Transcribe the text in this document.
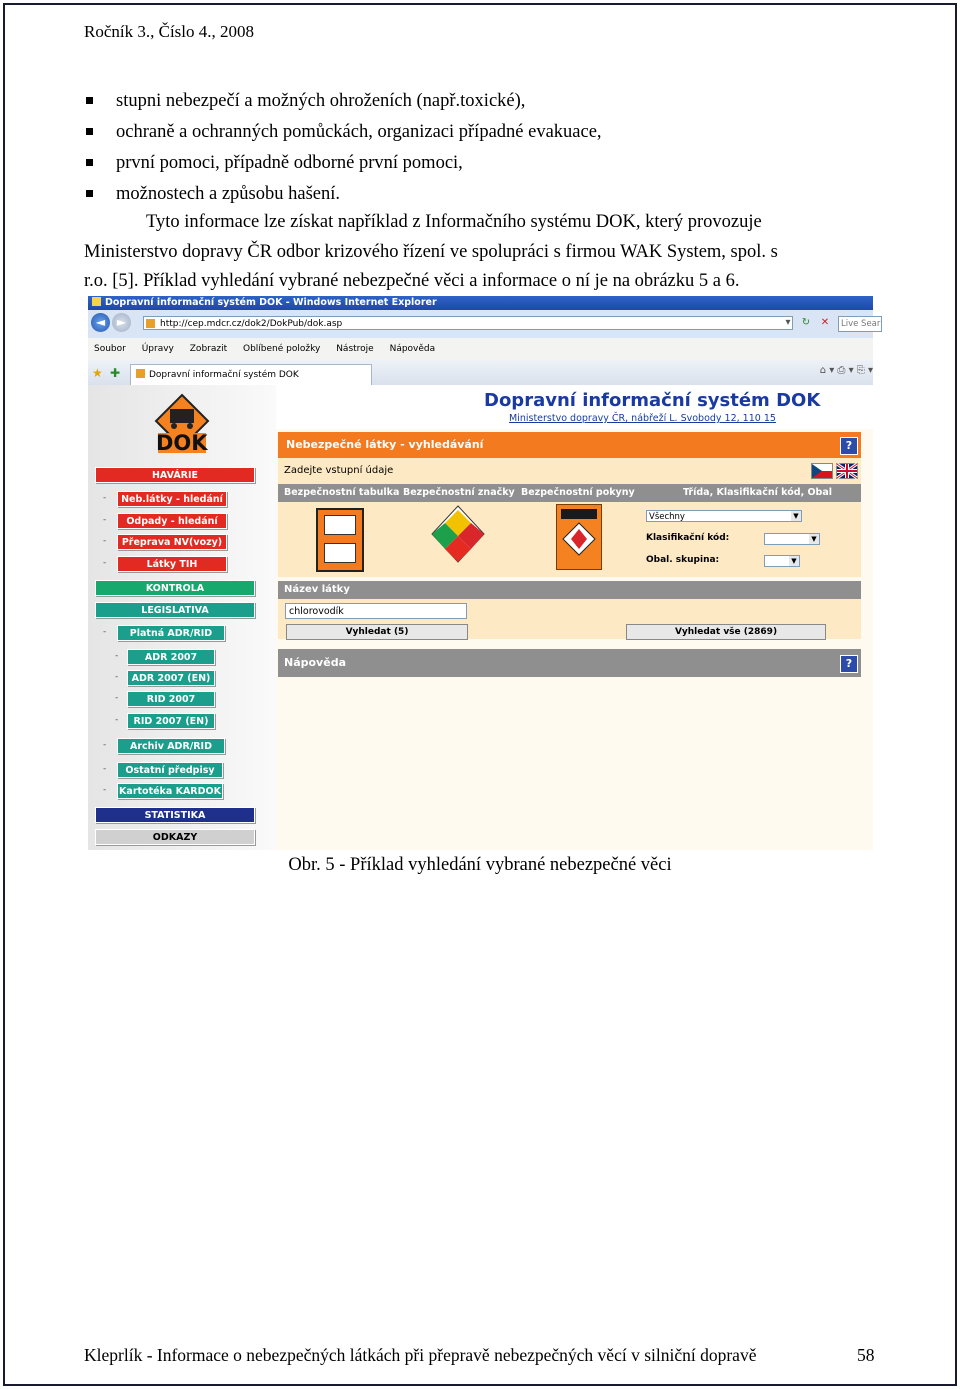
Ročník 3., Číslo 4., 2008
stupni nebezpečí a možných ohroženích (např.toxické),
ochraně a ochranných pomůckách, organizaci případné evakuace,
první pomoci, případně odborné první pomoci,
možnostech a způsobu hašení.
Tyto informace lze získat například z Informačního systému DOK, který provozuje
Ministerstvo dopravy ČR odbor krizového řízení ve spolupráci s firmou WAK System, spol. s
r.o. [5]. Příklad vyhledání vybrané nebezpečné věci a informace o ní je na obrázku 5 a 6.
Dopravní informační systém DOK - Windows Internet Explorer
◄ ►	http://cep.mdcr.cz/dok2/DokPub/dok.asp	▾	↻ ✕	Live Sear
Soubor Úpravy Zobrazit Oblíbené položky Nástroje Nápověda
★ ✚	Dopravní informační systém DOK	⌂ ▾ ⎙ ▾ ⎘ ▾
DOK
HAVÁRIE
-	Neb.látky - hledání
-	Odpady - hledání
-	Přeprava NV(vozy)
-	Látky TIH
KONTROLA
LEGISLATIVA
-	Platná ADR/RID
-	ADR 2007
-	ADR 2007 (EN)
-	RID 2007
-	RID 2007 (EN)
-	Archiv ADR/RID
-	Ostatní předpisy
- Kartotéka KARDOK
STATISTIKA
ODKAZY
Dopravní informační systém DOK
Ministerstvo dopravy ČR, nábřeží L. Svobody 12, 110 15
Nebezpečné látky - vyhledávání	?
Zadejte vstupní údaje
Bezpečnostní tabulka Bezpečnostní značky Bezpečnostní pokyny	Třída, Klasifikační kód, Obal
Všechny	▼
Klasifikační kód:	▼
Obal. skupina:	▼
Název látky
chlorovodík
Vyhledat (5)	Vyhledat vše (2869)
Nápověda	?
Obr. 5 - Příklad vyhledání vybrané nebezpečné věci
Kleprlík - Informace o nebezpečných látkách při přepravě nebezpečných věcí v silniční dopravě	58
